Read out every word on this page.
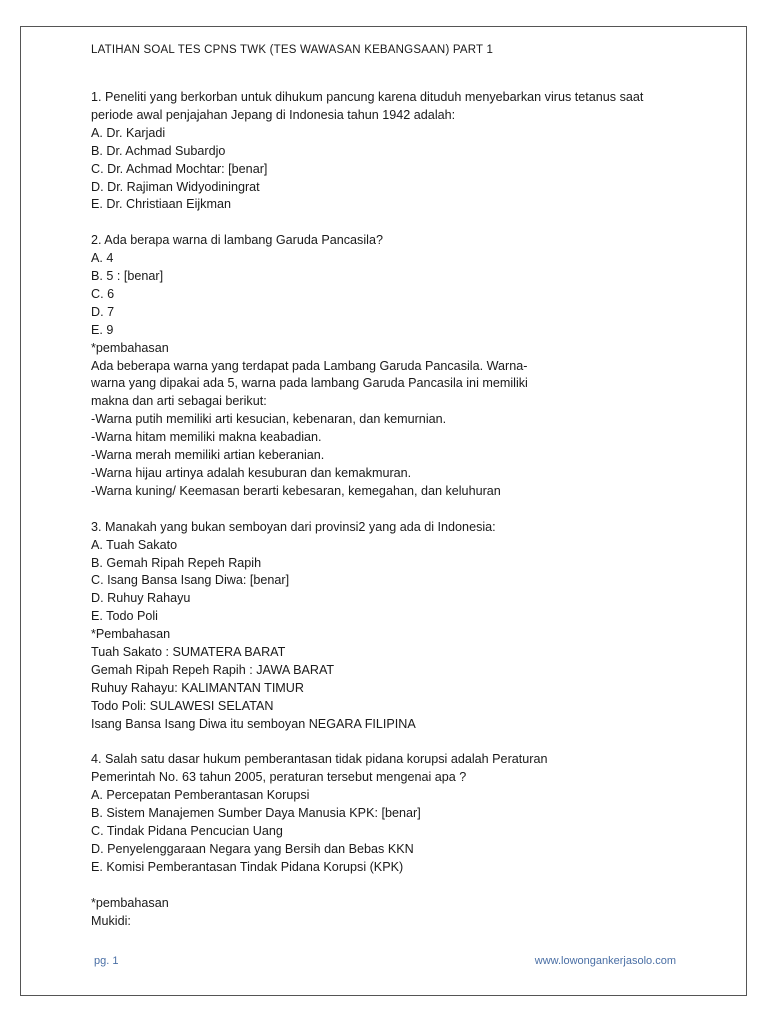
LATIHAN SOAL TES CPNS TWK (TES WAWASAN KEBANGSAAN) PART 1
1. Peneliti yang berkorban untuk dihukum pancung karena dituduh menyebarkan virus tetanus saat
periode awal penjajahan Jepang di Indonesia tahun 1942 adalah:
A. Dr. Karjadi
B. Dr. Achmad Subardjo
C. Dr. Achmad Mochtar: [benar]
D. Dr. Rajiman Widyodiningrat
E. Dr. Christiaan Eijkman
2. Ada berapa warna di lambang Garuda Pancasila?
A. 4
B. 5 : [benar]
C. 6
D. 7
E. 9
*pembahasan
Ada beberapa warna yang terdapat pada Lambang Garuda Pancasila. Warna-
warna yang dipakai ada 5, warna pada lambang Garuda Pancasila ini memiliki
makna dan arti sebagai berikut:
-Warna putih memiliki arti kesucian, kebenaran, dan kemurnian.
-Warna hitam memiliki makna keabadian.
-Warna merah memiliki artian keberanian.
-Warna hijau artinya adalah kesuburan dan kemakmuran.
-Warna kuning/ Keemasan berarti kebesaran, kemegahan, dan keluhuran
3. Manakah yang bukan semboyan dari provinsi2 yang ada di Indonesia:
A. Tuah Sakato
B. Gemah Ripah Repeh Rapih
C. Isang Bansa Isang Diwa: [benar]
D. Ruhuy Rahayu
E. Todo Poli
*Pembahasan
Tuah Sakato : SUMATERA BARAT
Gemah Ripah Repeh Rapih : JAWA BARAT
Ruhuy Rahayu: KALIMANTAN TIMUR
Todo Poli: SULAWESI SELATAN
Isang Bansa Isang Diwa itu semboyan NEGARA FILIPINA
4. Salah satu dasar hukum pemberantasan tidak pidana korupsi adalah Peraturan
Pemerintah No. 63 tahun 2005, peraturan tersebut mengenai apa ?
A. Percepatan Pemberantasan Korupsi
B. Sistem Manajemen Sumber Daya Manusia KPK: [benar]
C. Tindak Pidana Pencucian Uang
D. Penyelenggaraan Negara yang Bersih dan Bebas KKN
E. Komisi Pemberantasan Tindak Pidana Korupsi (KPK)
*pembahasan
Mukidi:
pg. 1	www.lowongankerjasolo.com
